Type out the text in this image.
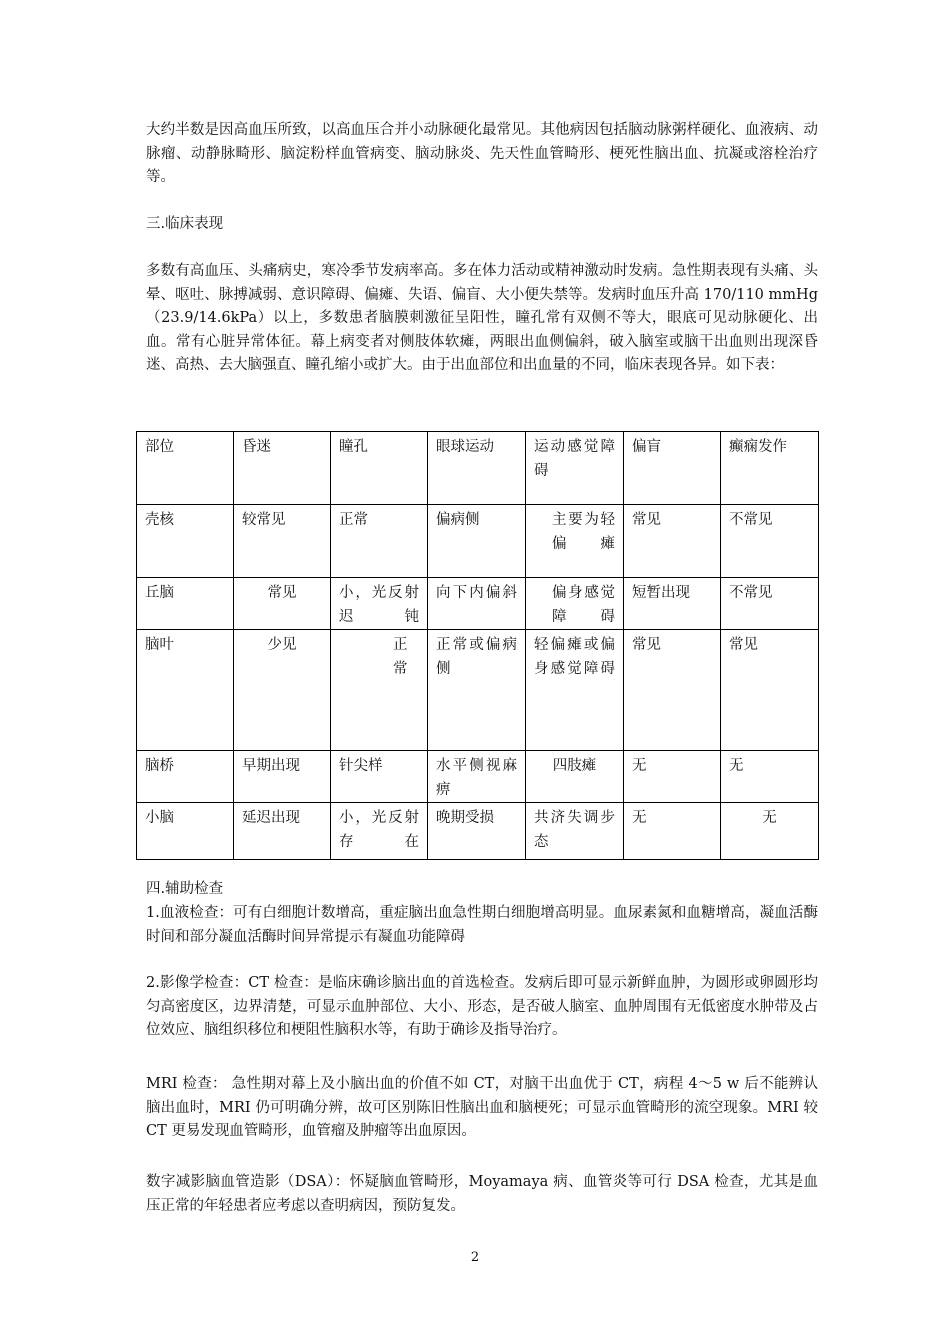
大约半数是因高血压所致，以高血压合并小动脉硬化最常见。其他病因包括脑动脉粥样硬化、血液病、动脉瘤、动静脉畸形、脑淀粉样血管病变、脑动脉炎、先天性血管畸形、梗死性脑出血、抗凝或溶栓治疗等。

三.临床表现

多数有高血压、头痛病史，寒冷季节发病率高。多在体力活动或精神激动时发病。急性期表现有头痛、头晕、呕吐、脉搏减弱、意识障碍、偏瘫、失语、偏盲、大小便失禁等。发病时血压升高 170/110 mmHg（23.9/14.6kPa）以上，多数患者脑膜刺激征呈阳性，瞳孔常有双侧不等大，眼底可见动脉硬化、出血。常有心脏异常体征。幕上病变者对侧肢体软瘫，两眼出血侧偏斜，破入脑室或脑干出血则出现深昏迷、高热、去大脑强直、瞳孔缩小或扩大。由于出血部位和出血量的不同，临床表现各异。如下表：

部位	昏迷	瞳孔	眼球运动	运动感觉障碍	偏盲	癫痫发作
壳核	较常见	正常	偏病侧	主要为轻偏瘫	常见	不常见
丘脑	常见	小，光反射迟钝	向下内偏斜	偏身感觉障碍	短暂出现	不常见
脑叶	少见	正常	正常或偏病侧	轻偏瘫或偏身感觉障碍	常见	常见
脑桥	早期出现	针尖样	水平侧视麻痹	四肢瘫	无	无
小脑	延迟出现	小，光反射存在	晚期受损	共济失调步态	无	无

四.辅助检查

1.血液检查：可有白细胞计数增高，重症脑出血急性期白细胞增高明显。血尿素氮和血糖增高，凝血活酶时间和部分凝血活酶时间异常提示有凝血功能障碍

2.影像学检查：CT 检查：是临床确诊脑出血的首选检查。发病后即可显示新鲜血肿，为圆形或卵圆形均匀高密度区，边界清楚，可显示血肿部位、大小、形态，是否破人脑室、血肿周围有无低密度水肿带及占位效应、脑组织移位和梗阻性脑积水等，有助于确诊及指导治疗。

MRI 检查： 急性期对幕上及小脑出血的价值不如 CT，对脑干出血优于 CT，病程 4～5 w 后不能辨认脑出血时，MRI 仍可明确分辨，故可区别陈旧性脑出血和脑梗死；可显示血管畸形的流空现象。MRI 较 CT 更易发现血管畸形，血管瘤及肿瘤等出血原因。

数字减影脑血管造影（DSA）：怀疑脑血管畸形，Moyamaya 病、血管炎等可行 DSA 检查，尤其是血压正常的年轻患者应考虑以查明病因，预防复发。

2
